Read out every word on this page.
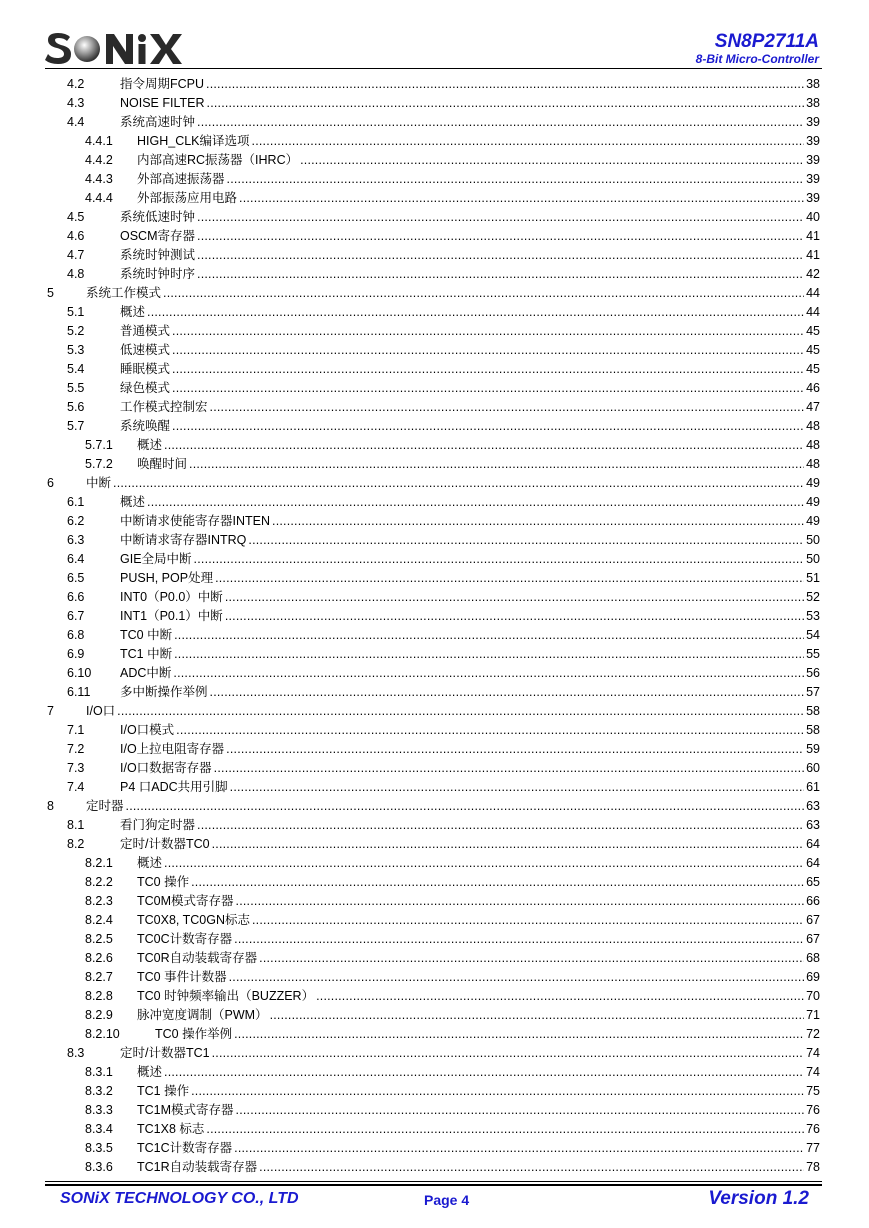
SN8P2711A
8-Bit Micro-Controller
4.2	指令周期FCPU .....	38
4.3	NOISE FILTER .....	38
4.4	系统高速时钟 .....	39
4.4.1	HIGH_CLK编译选项 .....	39
4.4.2	内部高速RC振荡器（IHRC） .....	39
4.4.3	外部高速振荡器 .....	39
4.4.4	外部振荡应用电路 .....	39
4.5	系统低速时钟 .....	40
4.6	OSCM寄存器 .....	41
4.7	系统时钟测试 .....	41
4.8	系统时钟时序 .....	42
5	系统工作模式 .....	44
5.1	概述 .....	44
5.2	普通模式 .....	45
5.3	低速模式 .....	45
5.4	睡眠模式 .....	45
5.5	绿色模式 .....	46
5.6	工作模式控制宏 .....	47
5.7	系统唤醒 .....	48
5.7.1	概述 .....	48
5.7.2	唤醒时间 .....	48
6	中断 .....	49
6.1	概述 .....	49
6.2	中断请求使能寄存器INTEN .....	49
6.3	中断请求寄存器INTRQ .....	50
6.4	GIE全局中断 .....	50
6.5	PUSH, POP处理 .....	51
6.6	INT0（P0.0）中断 .....	52
6.7	INT1（P0.1）中断 .....	53
6.8	TC0 中断 .....	54
6.9	TC1 中断 .....	55
6.10	ADC中断 .....	56
6.11	多中断操作举例 .....	57
7	I/O口 .....	58
7.1	I/O口模式 .....	58
7.2	I/O上拉电阻寄存器 .....	59
7.3	I/O口数据寄存器 .....	60
7.4	P4 口ADC共用引脚 .....	61
8	定时器 .....	63
8.1	看门狗定时器 .....	63
8.2	定时/计数器TC0 .....	64
8.2.1	概述 .....	64
8.2.2	TC0 操作 .....	65
8.2.3	TC0M模式寄存器 .....	66
8.2.4	TC0X8, TC0GN标志 .....	67
8.2.5	TC0C计数寄存器 .....	67
8.2.6	TC0R自动装载寄存器 .....	68
8.2.7	TC0 事件计数器 .....	69
8.2.8	TC0 时钟频率输出（BUZZER） .....	70
8.2.9	脉冲宽度调制（PWM） .....	71
8.2.10	TC0 操作举例 .....	72
8.3	定时/计数器TC1 .....	74
8.3.1	概述 .....	74
8.3.2	TC1 操作 .....	75
8.3.3	TC1M模式寄存器 .....	76
8.3.4	TC1X8 标志 .....	76
8.3.5	TC1C计数寄存器 .....	77
8.3.6	TC1R自动装载寄存器 .....	78
SONiX TECHNOLOGY CO., LTD	Page 4	Version 1.2
